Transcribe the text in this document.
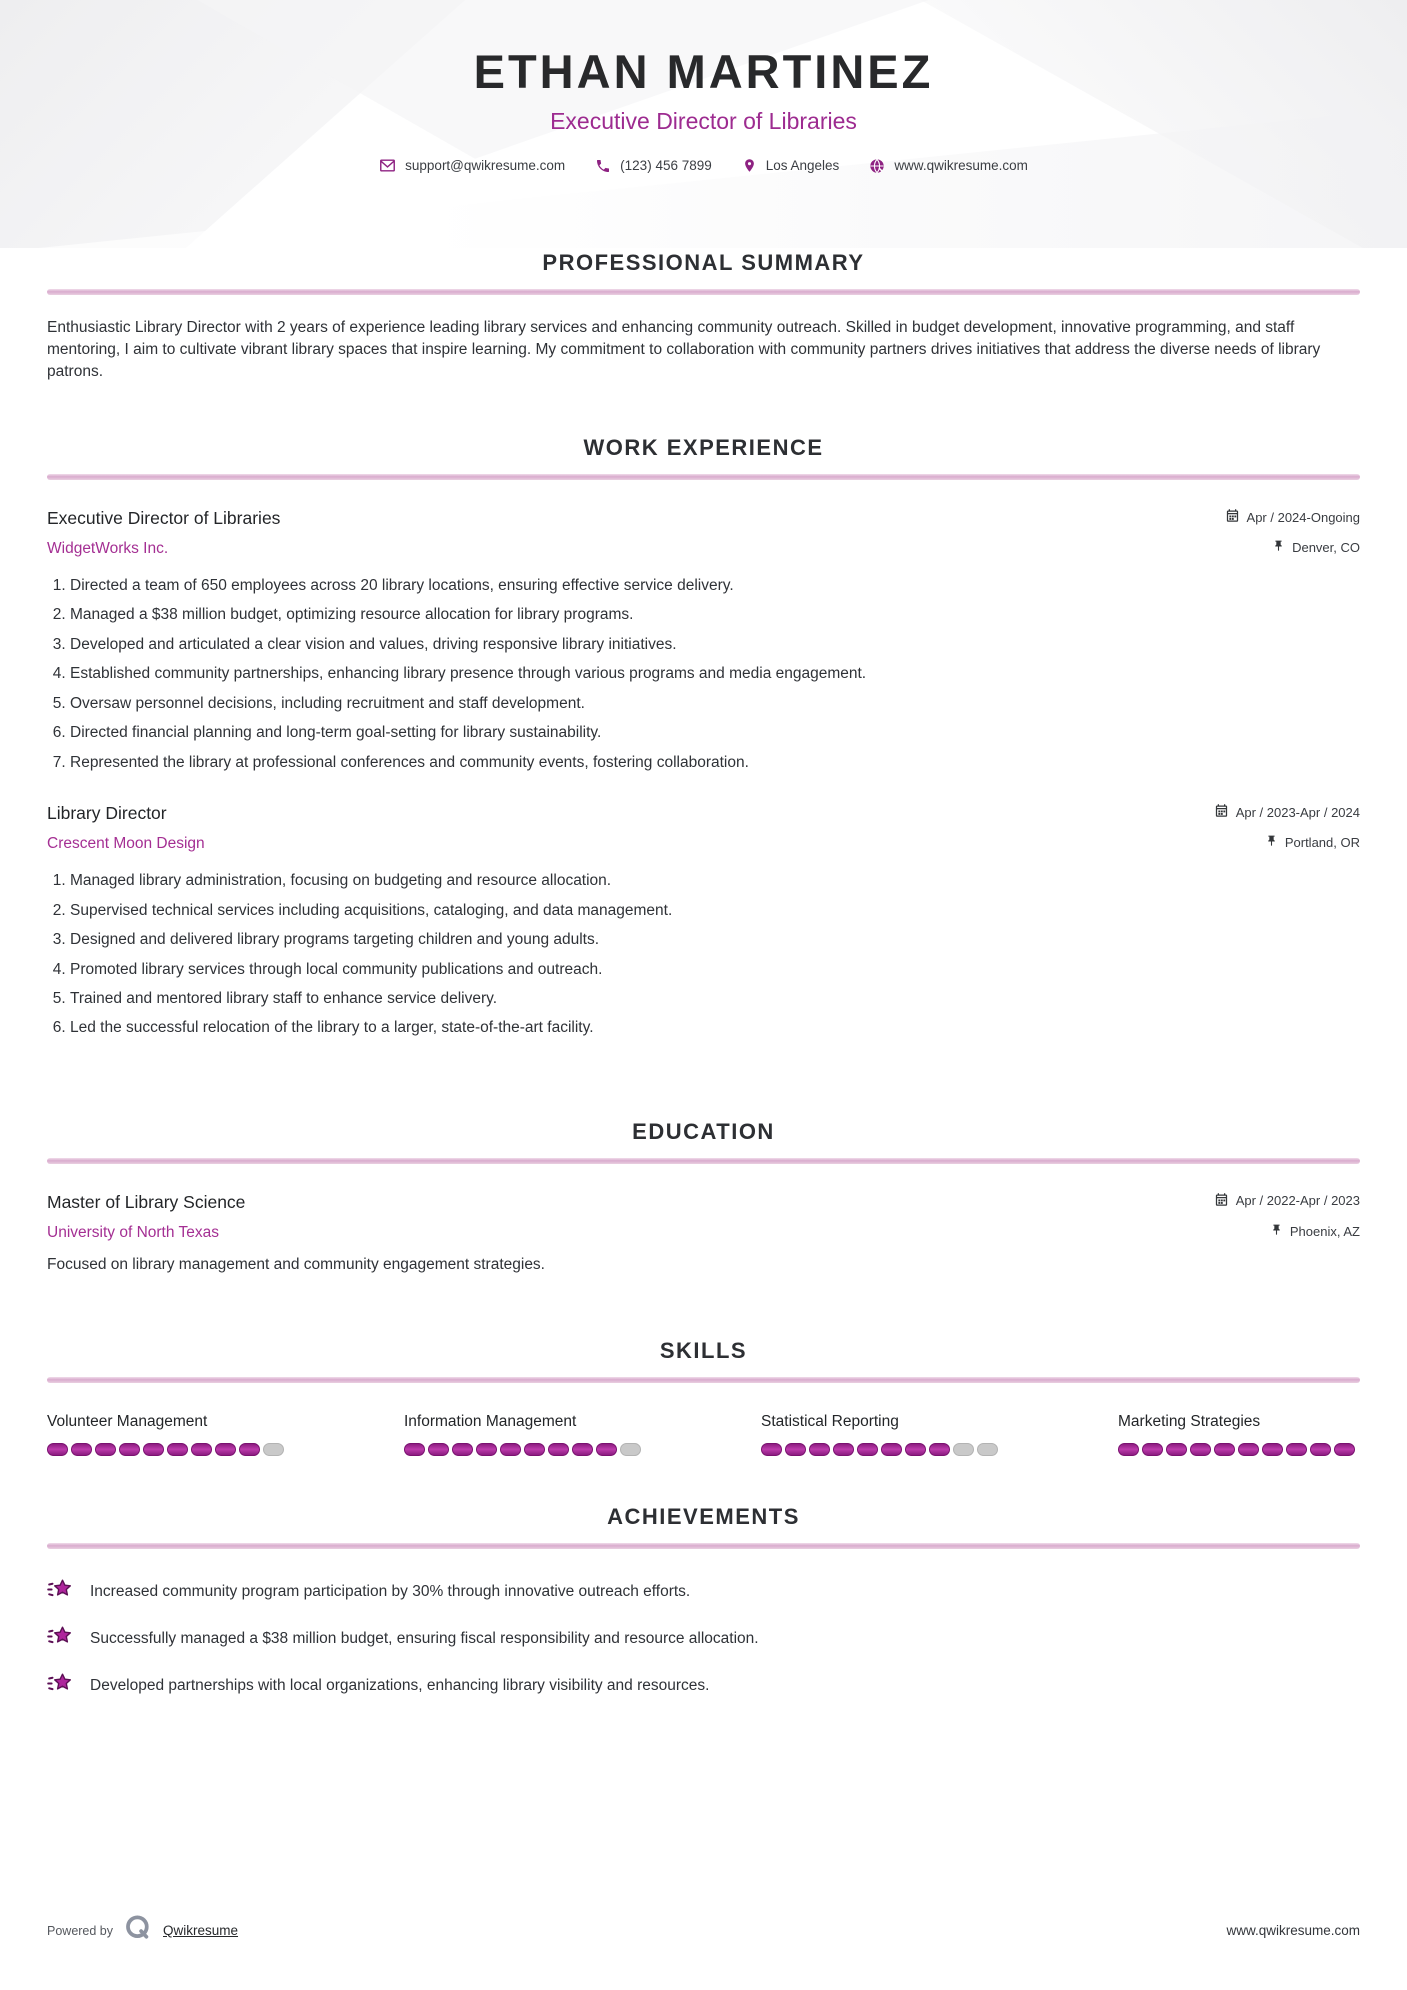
ETHAN MARTINEZ
Executive Director of Libraries
support@qwikresume.com	(123) 456 7899	Los Angeles	www.qwikresume.com
PROFESSIONAL SUMMARY

Enthusiastic Library Director with 2 years of experience leading library services and enhancing community outreach. Skilled in budget development, innovative programming, and staff mentoring, I aim to cultivate vibrant library spaces that inspire learning. My commitment to collaboration with community partners drives initiatives that address the diverse needs of library patrons.

WORK EXPERIENCE
Executive Director of Libraries
WidgetWorks Inc.
Apr / 2024-Ongoing
Denver, CO
1. Directed a team of 650 employees across 20 library locations, ensuring effective service delivery.
2. Managed a $38 million budget, optimizing resource allocation for library programs.
3. Developed and articulated a clear vision and values, driving responsive library initiatives.
4. Established community partnerships, enhancing library presence through various programs and media engagement.
5. Oversaw personnel decisions, including recruitment and staff development.
6. Directed financial planning and long-term goal-setting for library sustainability.
7. Represented the library at professional conferences and community events, fostering collaboration.
Library Director
Crescent Moon Design
Apr / 2023-Apr / 2024
Portland, OR
1. Managed library administration, focusing on budgeting and resource allocation.
2. Supervised technical services including acquisitions, cataloging, and data management.
3. Designed and delivered library programs targeting children and young adults.
4. Promoted library services through local community publications and outreach.
5. Trained and mentored library staff to enhance service delivery.
6. Led the successful relocation of the library to a larger, state-of-the-art facility.
EDUCATION
Master of Library Science
University of North Texas
Apr / 2022-Apr / 2023
Phoenix, AZ
Focused on library management and community engagement strategies.
SKILLS
Volunteer Management	Information Management	Statistical Reporting	Marketing Strategies
ACHIEVEMENTS
Increased community program participation by 30% through innovative outreach efforts.
Successfully managed a $38 million budget, ensuring fiscal responsibility and resource allocation.
Developed partnerships with local organizations, enhancing library visibility and resources.
Powered by	Qwikresume	www.qwikresume.com
